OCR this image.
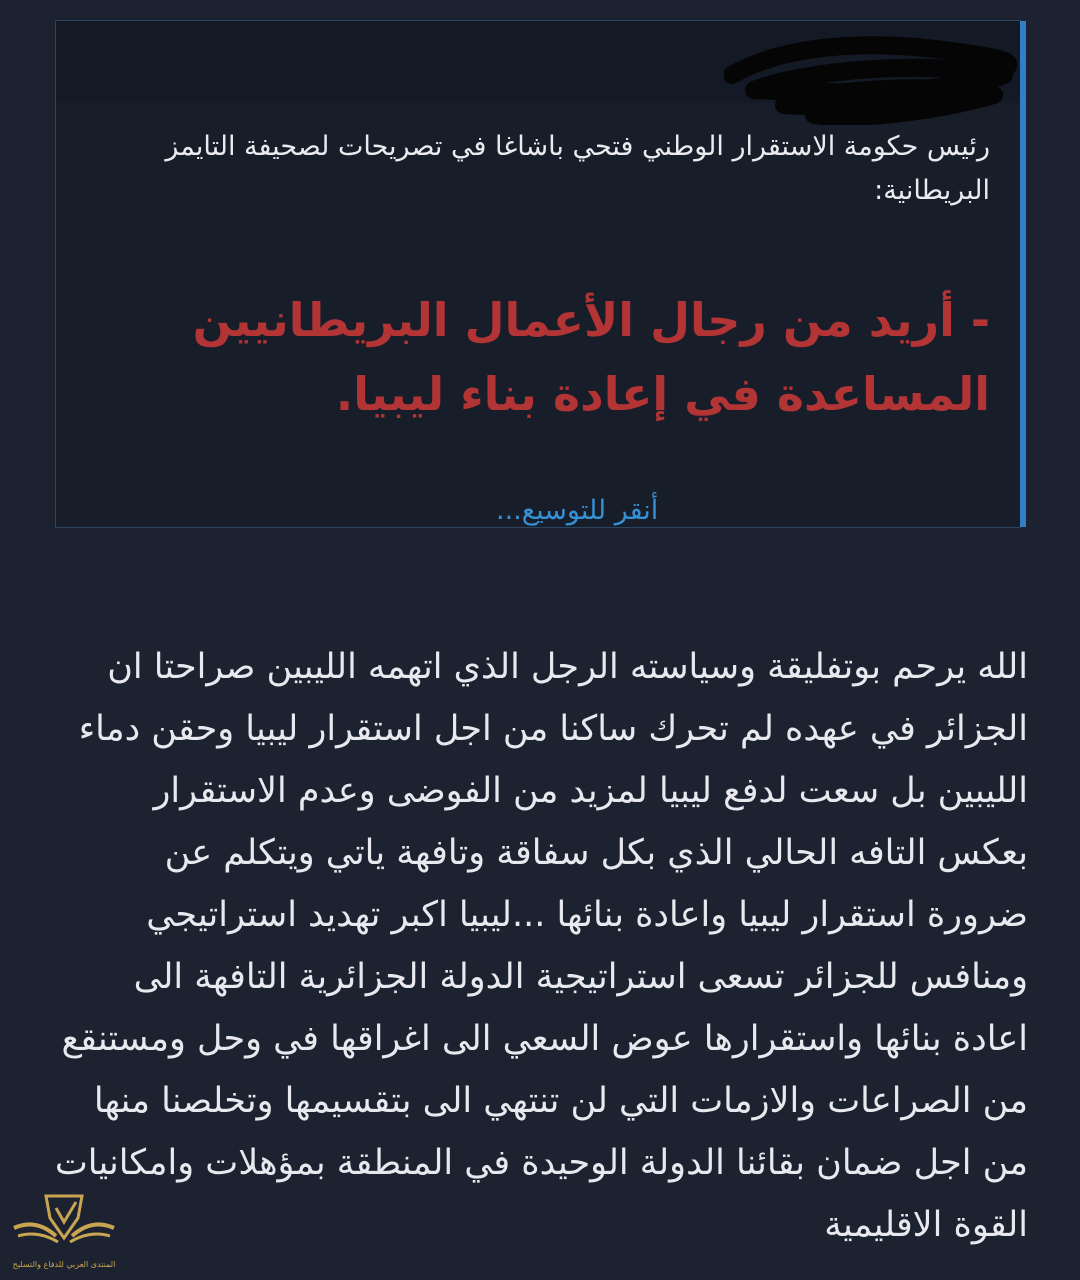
رئيس حكومة الاستقرار الوطني فتحي باشاغا في تصريحات لصحيفة التايمز البريطانية:
- أريد من رجال الأعمال البريطانيين المساعدة في إعادة بناء ليبيا.
أنقر للتوسيع...
الله يرحم بوتفليقة وسياسته الرجل الذي اتهمه الليبين صراحتا ان الجزائر في عهده لم تحرك ساكنا من اجل استقرار ليبيا وحقن دماء الليبين بل سعت لدفع ليبيا لمزيد من الفوضى وعدم الاستقرار بعكس التافه الحالي الذي بكل سفاقة وتافهة ياتي ويتكلم عن ضرورة استقرار ليبيا واعادة بنائها ...ليبيا اكبر تهديد استراتيجي ومنافس للجزائر تسعى استراتيجية الدولة الجزائرية التافهة الى اعادة بنائها واستقرارها عوض السعي الى اغراقها في وحل ومستنقع من الصراعات والازمات التي لن تنتهي الى بتقسيمها وتخلصنا منها من اجل ضمان بقائنا الدولة الوحيدة في المنطقة بمؤهلات وامكانيات القوة الاقليمية
المنتدى العربي للدفاع والتسليح
